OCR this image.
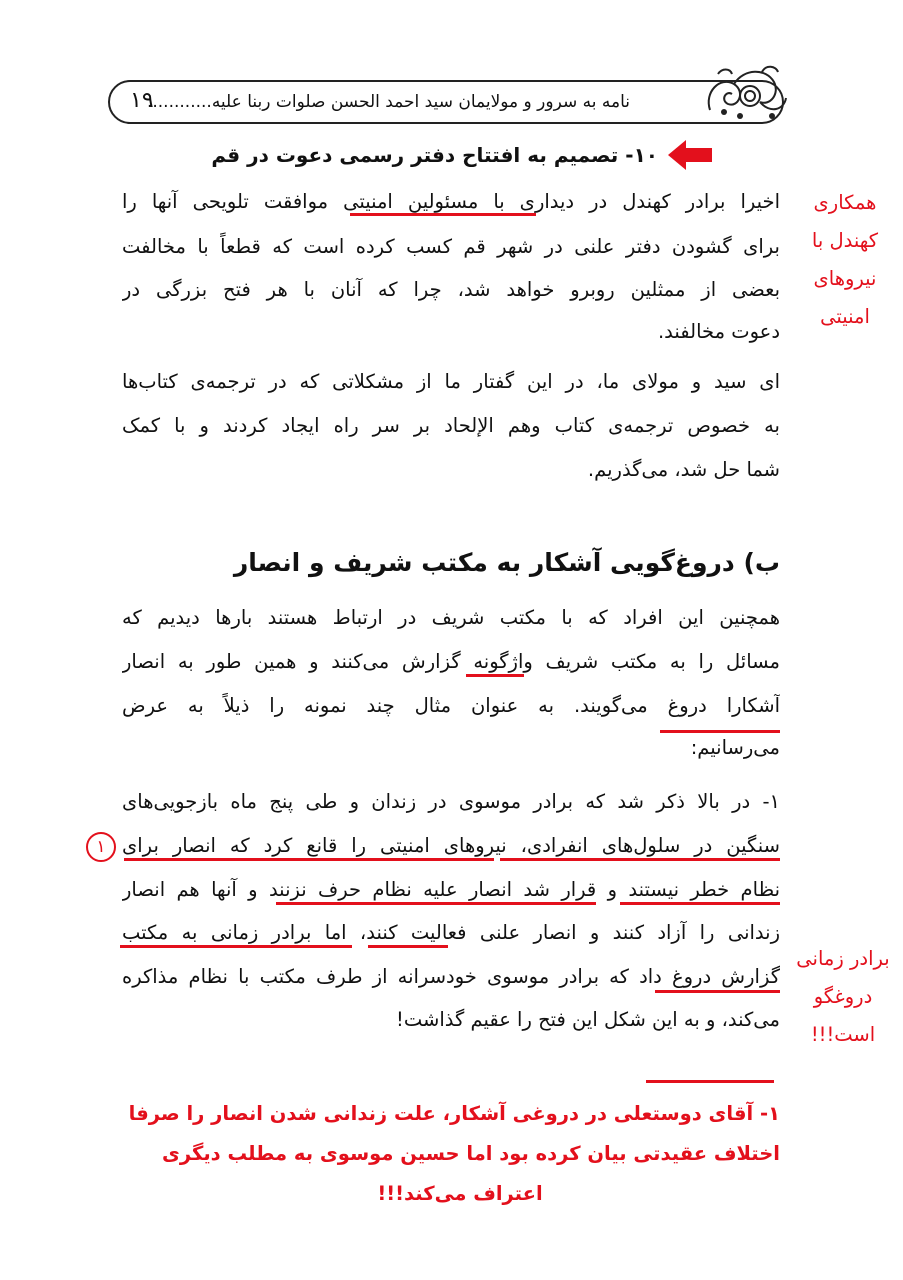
نامه به سرور و مولایمان سید احمد الحسن صلوات ربنا علیه............
۱۹
۱۰- تصمیم به افتتاح دفتر رسمی دعوت در قم
اخیرا برادر کهندل در دیداری با مسئولین امنیتی موافقت تلویحی آنها را
برای گشودن دفتر علنی در شهر قم کسب کرده است که قطعاً با مخالفت
بعضی از ممثلین روبرو خواهد شد، چرا که آنان با هر فتح بزرگی در
دعوت مخالفند.
ای سید و مولای ما، در این گفتار ما از مشکلاتی که در ترجمه‌ی کتاب‌ها
به خصوص ترجمه‌ی کتاب وهم الإلحاد بر سر راه ایجاد کردند و با کمک
شما حل شد، می‌گذریم.
ب) دروغ‌گویی آشکار به مکتب شریف و انصار
همچنین این افراد که با مکتب شریف در ارتباط هستند بارها دیدیم که
مسائل را به مکتب شریف واژگونه گزارش می‌کنند و همین طور به انصار
آشکارا دروغ می‌گویند. به عنوان مثال چند نمونه را ذیلاً به عرض
می‌رسانیم:
۱- در بالا ذکر شد که برادر موسوی در زندان و طی پنج ماه بازجویی‌های
سنگین در سلول‌های انفرادی، نیروهای امنیتی را قانع کرد که انصار برای
نظام خطر نیستند و قرار شد انصار علیه نظام حرف نزنند و آنها هم انصار
زندانی را آزاد کنند و انصار علنی فعالیت کنند، اما برادر زمانی به مکتب
گزارش دروغ داد که برادر موسوی خودسرانه از طرف مکتب با نظام مذاکره
می‌کند، و به این شکل این فتح را عقیم گذاشت!
همکاری
کهندل با
نیروهای
امنیتی
۱
برادر زمانی
دروغگو
است!!!
۱- آقای دوستعلی در دروغی آشکار، علت زندانی شدن انصار را صرفا
اختلاف عقیدتی بیان کرده بود اما حسین موسوی به مطلب دیگری
اعتراف می‌کند!!!
